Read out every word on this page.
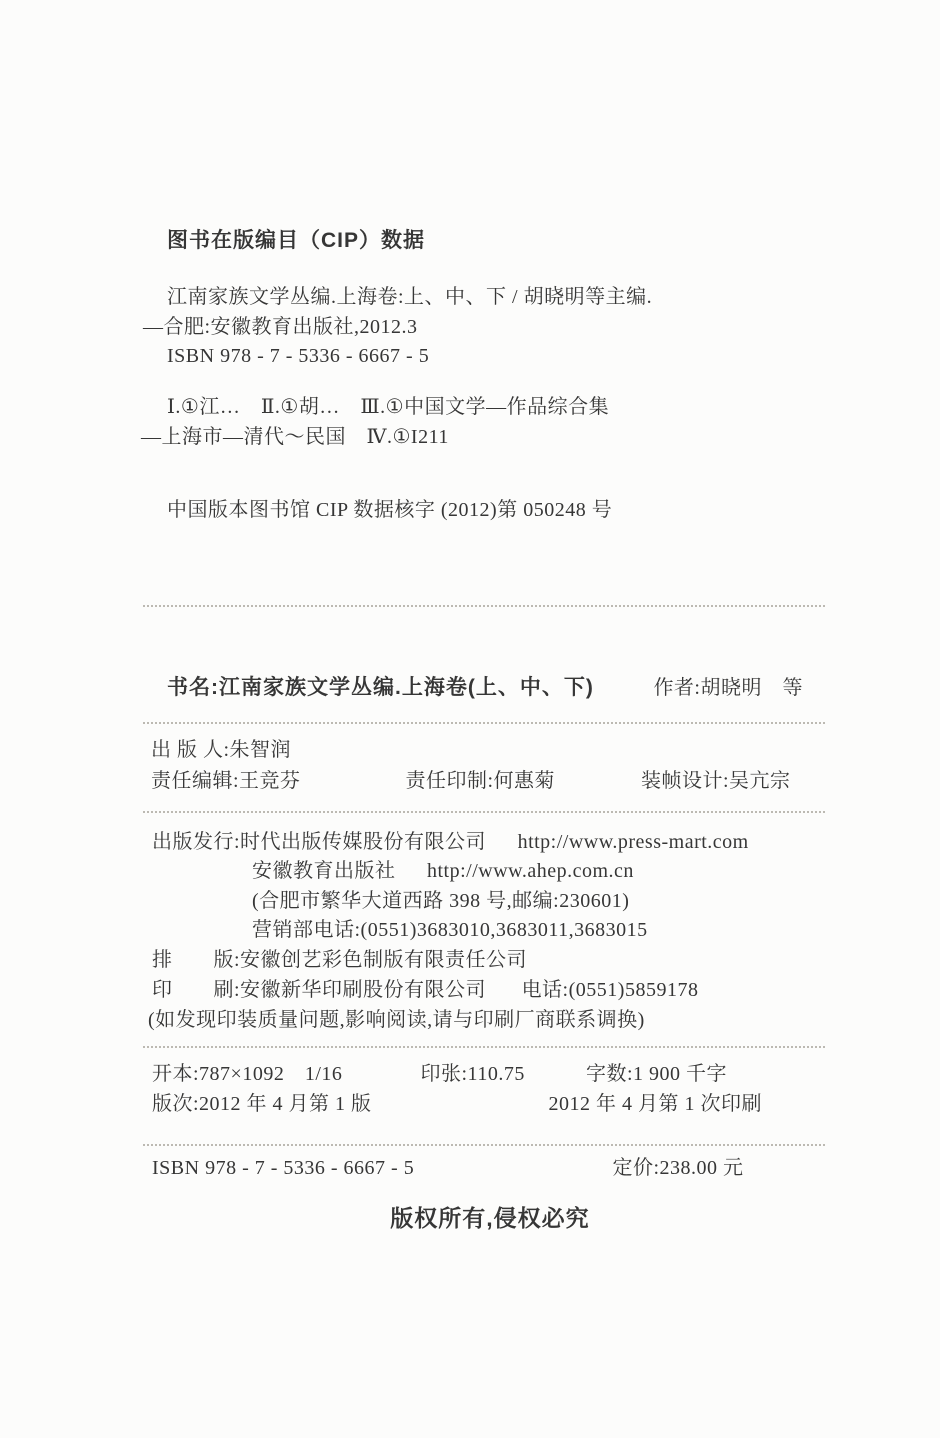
图书在版编目（CIP）数据
江南家族文学丛编.上海卷:上、中、下 / 胡晓明等主编.
—合肥:安徽教育出版社,2012.3
ISBN 978 - 7 - 5336 - 6667 - 5
Ⅰ.①江…　Ⅱ.①胡…　Ⅲ.①中国文学—作品综合集
—上海市—清代～民国　Ⅳ.①I211
中国版本图书馆 CIP 数据核字 (2012)第 050248 号
书名:江南家族文学丛编.上海卷(上、中、下)	作者:胡晓明　等
出 版 人:朱智润
责任编辑:王竞芬	责任印制:何惠菊	装帧设计:吴亢宗
出版发行:时代出版传媒股份有限公司 http://www.press-mart.com
安徽教育出版社 http://www.ahep.com.cn
(合肥市繁华大道西路 398 号,邮编:230601)
营销部电话:(0551)3683010,3683011,3683015
排　　版:安徽创艺彩色制版有限责任公司
印　　刷:安徽新华印刷股份有限公司 电话:(0551)5859178
(如发现印装质量问题,影响阅读,请与印刷厂商联系调换)
开本:787×1092　1/16	印张:110.75	字数:1 900 千字
版次:2012 年 4 月第 1 版	2012 年 4 月第 1 次印刷
ISBN 978 - 7 - 5336 - 6667 - 5	定价:238.00 元
版权所有,侵权必究
